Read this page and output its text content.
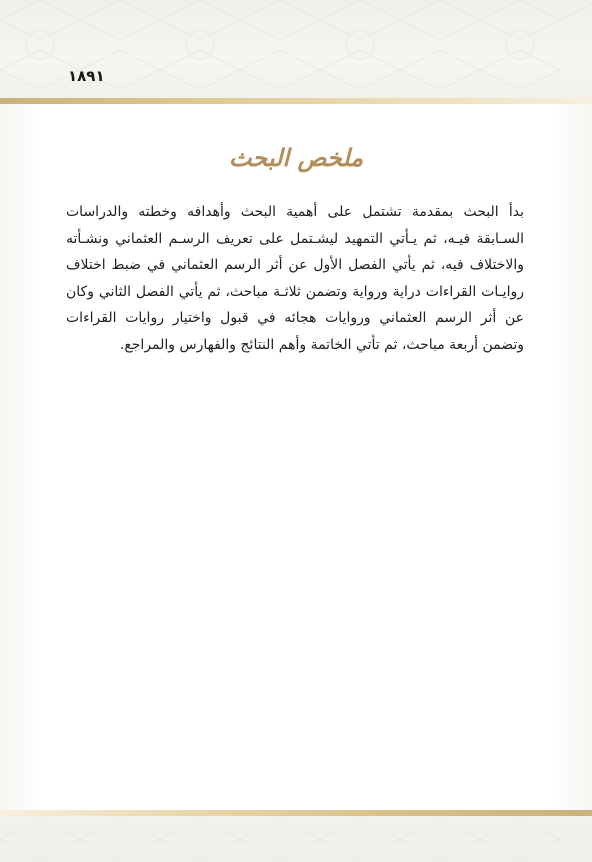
١٨٩١
ملخص البحث
بدأ البحث بمقدمة تشتمل على أهمية البحث وأهدافه وخطته والدراسات السـابقة فيـه، ثم يـأتي التمهيد ليشـتمل على تعريف الرسـم العثماني ونشـأته والاختلاف فيه، ثم يأتي الفصل الأول عن أثر الرسم العثماني في ضبط اختلاف روايـات القراءات دراية ورواية وتضمن ثلاثـة مباحث، ثم يأتي الفصل الثاني وكان عن أثر الرسم العثماني وروايات هجائه في قبول واختيار روايات القراءات وتضمن أربعة مباحث، ثم تأتي الخاتمة وأهم النتائج والفهارس والمراجع.
